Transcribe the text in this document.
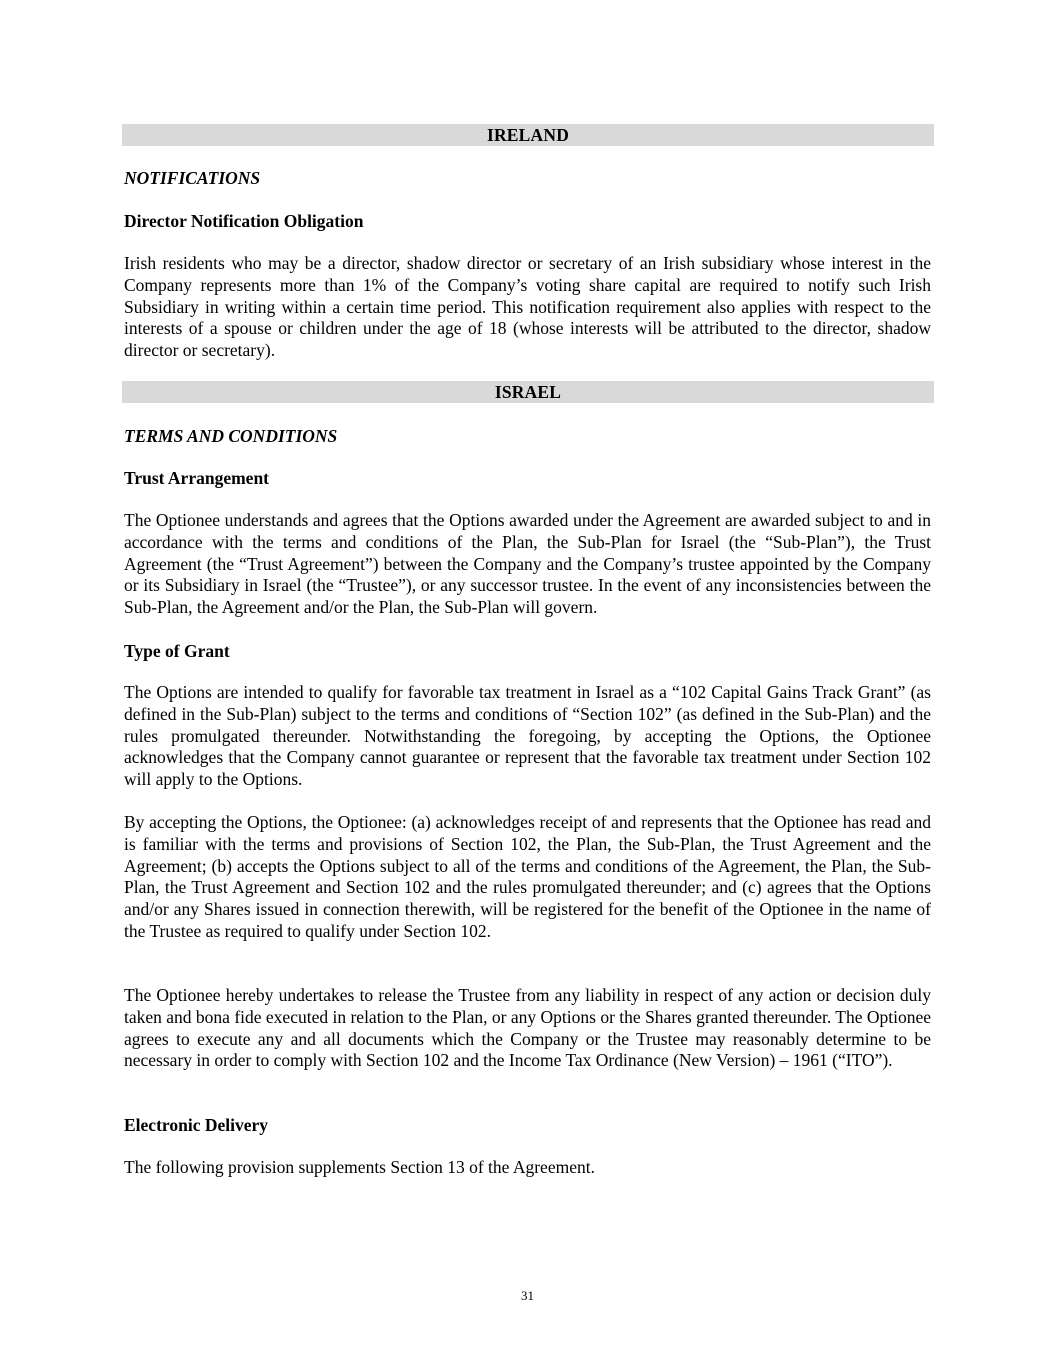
IRELAND
NOTIFICATIONS
Director Notification Obligation

Irish residents who may be a director, shadow director or secretary of an Irish subsidiary whose interest in the Company represents more than 1% of the Company’s voting share capital are required to notify such Irish Subsidiary in writing within a certain time period. This notification requirement also applies with respect to the interests of a spouse or children under the age of 18 (whose interests will be attributed to the director, shadow director or secretary).

ISRAEL
TERMS AND CONDITIONS
Trust Arrangement

The Optionee understands and agrees that the Options awarded under the Agreement are awarded subject to and in accordance with the terms and conditions of the Plan, the Sub-Plan for Israel (the “Sub-Plan”), the Trust Agreement (the “Trust Agreement”) between the Company and the Company’s trustee appointed by the Company or its Subsidiary in Israel (the “Trustee”), or any successor trustee. In the event of any inconsistencies between the Sub-Plan, the Agreement and/or the Plan, the Sub-Plan will govern.

Type of Grant

The Options are intended to qualify for favorable tax treatment in Israel as a “102 Capital Gains Track Grant” (as defined in the Sub-Plan) subject to the terms and conditions of “Section 102” (as defined in the Sub-Plan) and the rules promulgated thereunder. Notwithstanding the foregoing, by accepting the Options, the Optionee acknowledges that the Company cannot guarantee or represent that the favorable tax treatment under Section 102 will apply to the Options.

By accepting the Options, the Optionee: (a) acknowledges receipt of and represents that the Optionee has read and is familiar with the terms and provisions of Section 102, the Plan, the Sub-Plan, the Trust Agreement and the Agreement; (b) accepts the Options subject to all of the terms and conditions of the Agreement, the Plan, the Sub-Plan, the Trust Agreement and Section 102 and the rules promulgated thereunder; and (c) agrees that the Options and/or any Shares issued in connection therewith, will be registered for the benefit of the Optionee in the name of the Trustee as required to qualify under Section 102.

The Optionee hereby undertakes to release the Trustee from any liability in respect of any action or decision duly taken and bona fide executed in relation to the Plan, or any Options or the Shares granted thereunder. The Optionee agrees to execute any and all documents which the Company or the Trustee may reasonably determine to be necessary in order to comply with Section 102 and the Income Tax Ordinance (New Version) – 1961 (“ITO”).

Electronic Delivery

The following provision supplements Section 13 of the Agreement.

31
